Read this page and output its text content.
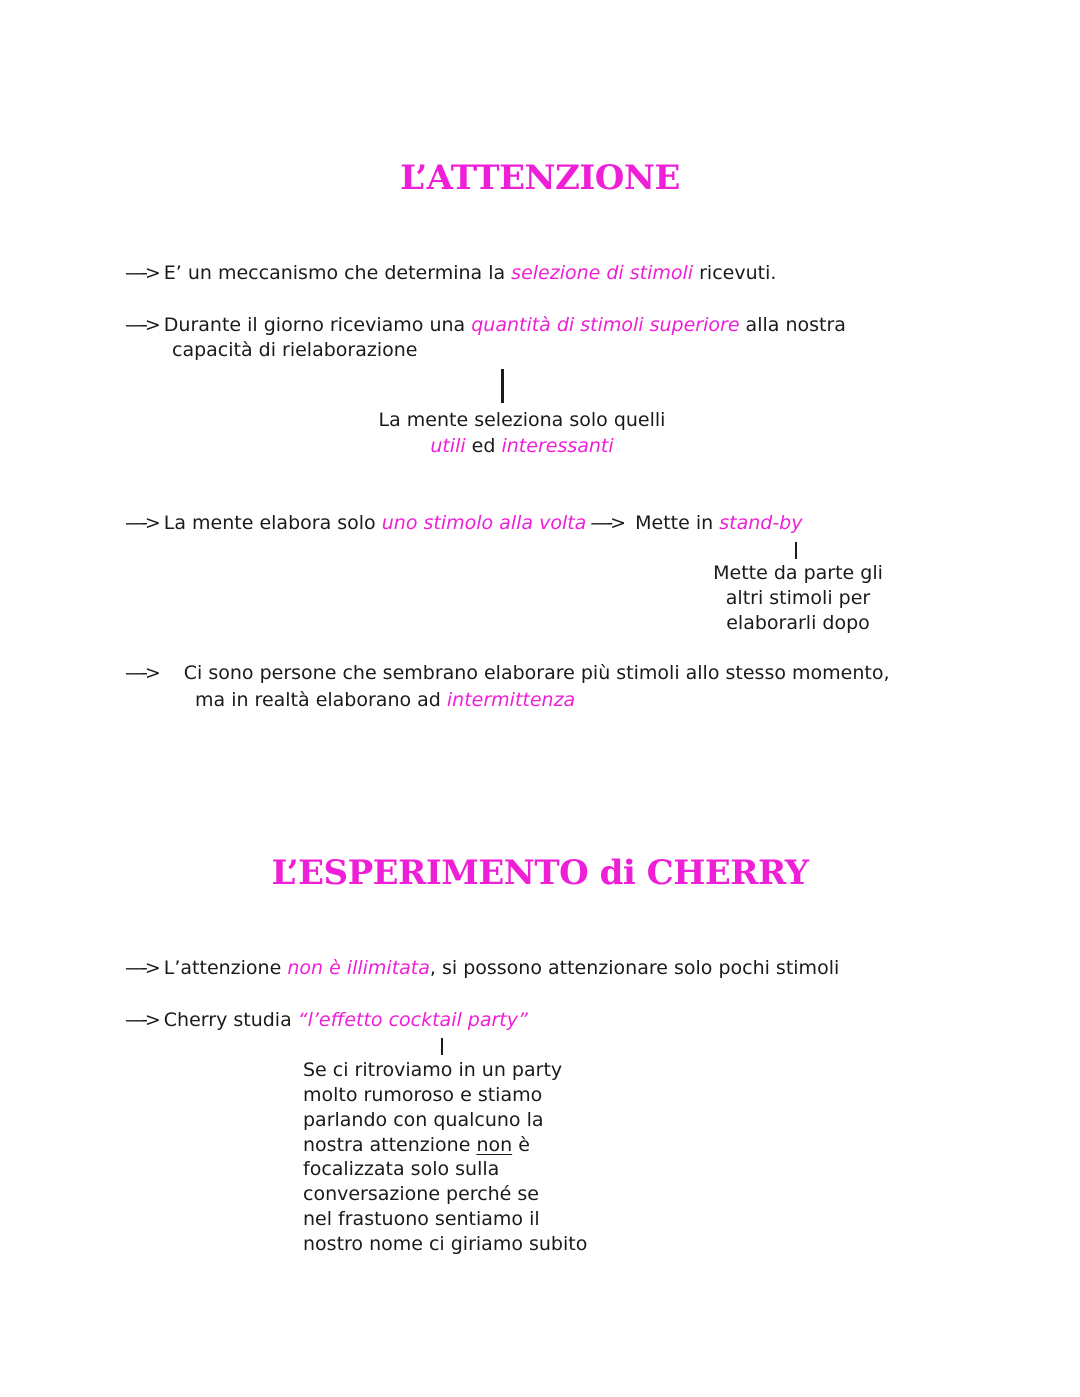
L’ATTENZIONE
—-> E’ un meccanismo che determina la selezione di stimoli ricevuti.
—-> Durante il giorno riceviamo una quantità di stimoli superiore alla nostra
capacità di rielaborazione
La mente seleziona solo quelli
utili ed interessanti
—-> La mente elabora solo uno stimolo alla volta —-> Mette in stand-by
Mette da parte gli
altri stimoli per
elaborarli dopo
—-> Ci sono persone che sembrano elaborare più stimoli allo stesso momento,
ma in realtà elaborano ad intermittenza
L’ESPERIMENTO di CHERRY
—-> L’attenzione non è illimitata, si possono attenzionare solo pochi stimoli
—-> Cherry studia “l’effetto cocktail party”
Se ci ritroviamo in un party
molto rumoroso e stiamo
parlando con qualcuno la
nostra attenzione non è
focalizzata solo sulla
conversazione perché se
nel frastuono sentiamo il
nostro nome ci giriamo subito
